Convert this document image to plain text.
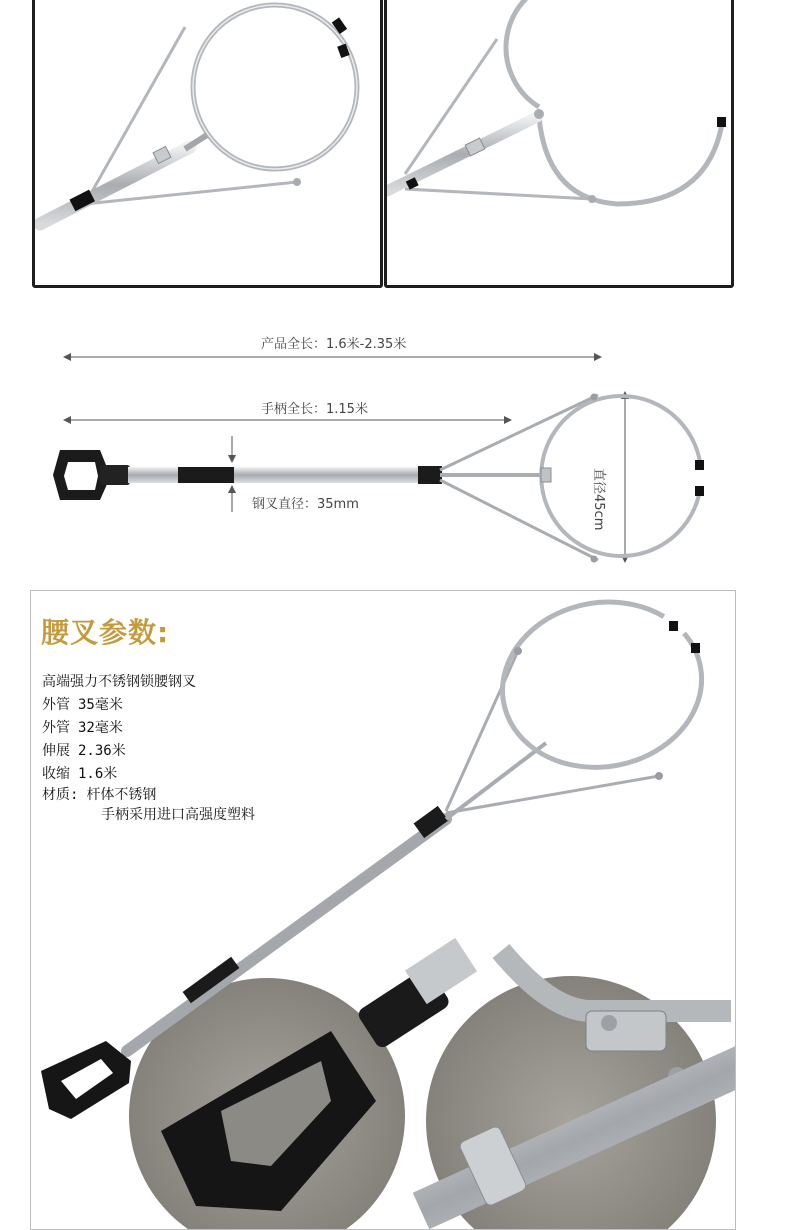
产品全长：1.6米-2.35米
手柄全长：1.15米
钢叉直径：35mm	直径45cm
腰叉参数:
高端强力不锈钢锁腰钢叉
外管 35毫米
外管 32毫米
伸展 2.36米
收缩 1.6米
材质: 杆体不锈钢
手柄采用进口高强度塑料
